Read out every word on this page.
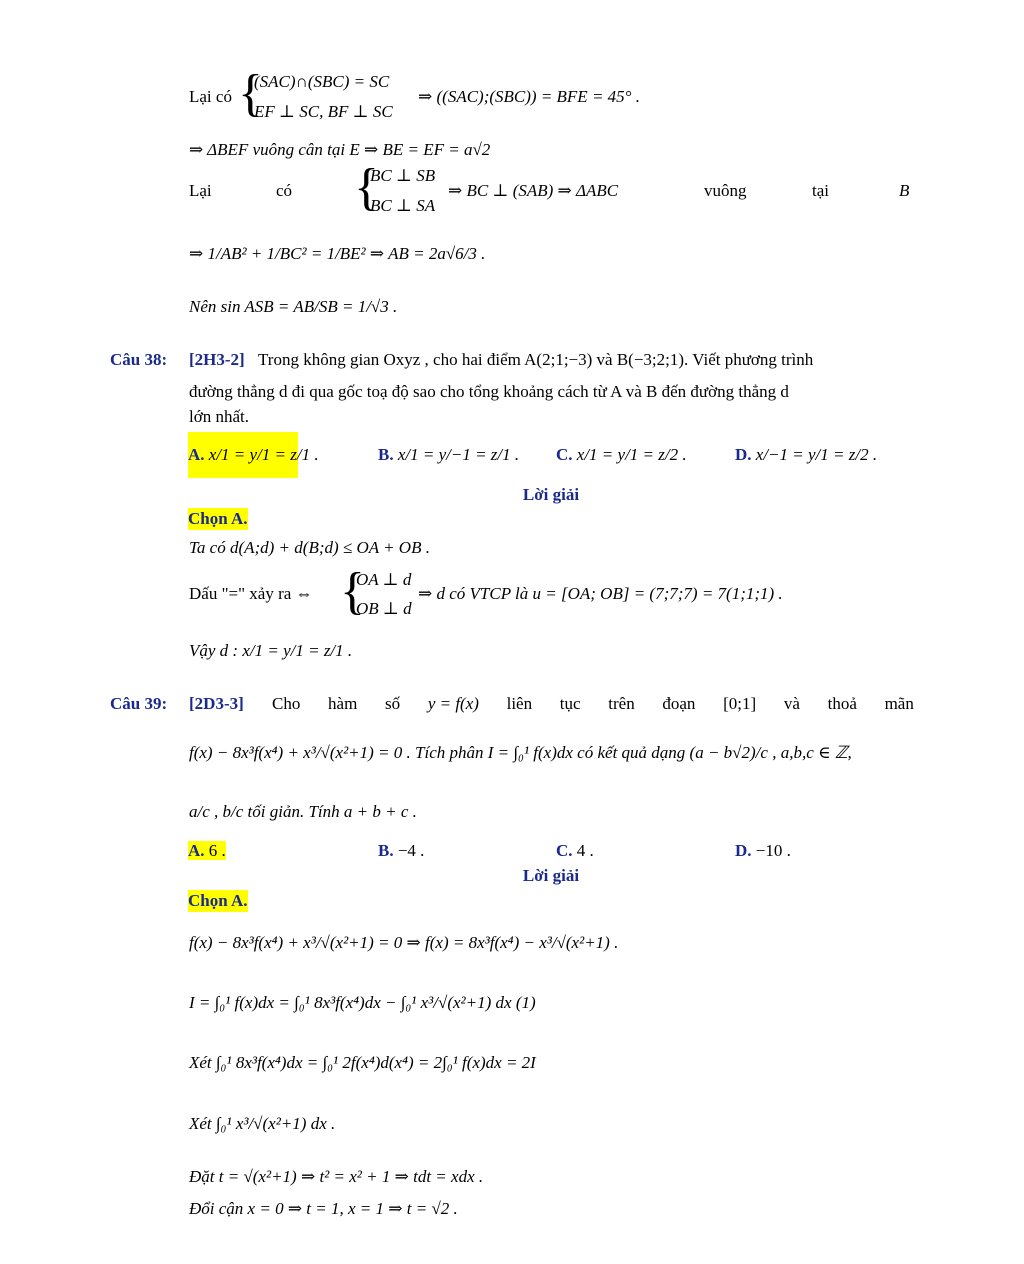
{
Lại có
(SAC)∩(SBC) = SC
EF ⊥ SC, BF ⊥ SC
⇒ ((SAC);(SBC)) = BFE = 45° .
⇒ ΔBEF vuông cân tại E ⇒ BE = EF = a√2
Lại	có {
BC ⊥ SB
BC ⊥ SA
⇒ BC ⊥ (SAB) ⇒ ΔABC	vuông	tại	B
⇒ 1/AB² + 1/BC² = 1/BE² ⇒ AB = 2a√6/3 .
Nên sin ASB = AB/SB = 1/√3 .
Câu 38: [2H3-2] Trong không gian Oxyz , cho hai điểm A(2;1;−3) và B(−3;2;1). Viết phương trình
đường thẳng d đi qua gốc toạ độ sao cho tổng khoảng cách từ A và B đến đường thẳng d
lớn nhất.
A. x/1 = y/1 = z/1 .	B. x/1 = y/−1 = z/1 . C. x/1 = y/1 = z/2 .	D. x/−1 = y/1 = z/2 .
Lời giải
Chọn A.
Ta có d(A;d) + d(B;d) ≤ OA + OB .
Dấu "=" xảy ra ⇔ {
OA ⊥ d
OB ⊥ d
⇒ d có VTCP là u = [OA; OB] = (7;7;7) = 7(1;1;1) .
Vậy d : x/1 = y/1 = z/1 .
Câu 39: [2D3-3] Cho hàm số y = f(x) liên tục trên đoạn [0;1] và thoả mãn
f(x) − 8x³f(x⁴) + x³/√(x²+1) = 0 . Tích phân I = ∫₀¹ f(x)dx có kết quả dạng (a − b√2)/c , a,b,c ∈ ℤ,
a/c , b/c tối giản. Tính a + b + c .
A. 6 .	B. −4 .	C. 4 .	D. −10 .
Lời giải
Chọn A.
f(x) − 8x³f(x⁴) + x³/√(x²+1) = 0 ⇒ f(x) = 8x³f(x⁴) − x³/√(x²+1) .
I = ∫₀¹ f(x)dx = ∫₀¹ 8x³f(x⁴)dx − ∫₀¹ x³/√(x²+1) dx (1)
Xét ∫₀¹ 8x³f(x⁴)dx = ∫₀¹ 2f(x⁴)d(x⁴) = 2∫₀¹ f(x)dx = 2I
Xét ∫₀¹ x³/√(x²+1) dx .
Đặt t = √(x²+1) ⇒ t² = x² + 1 ⇒ tdt = xdx .
Đổi cận x = 0 ⇒ t = 1, x = 1 ⇒ t = √2 .
